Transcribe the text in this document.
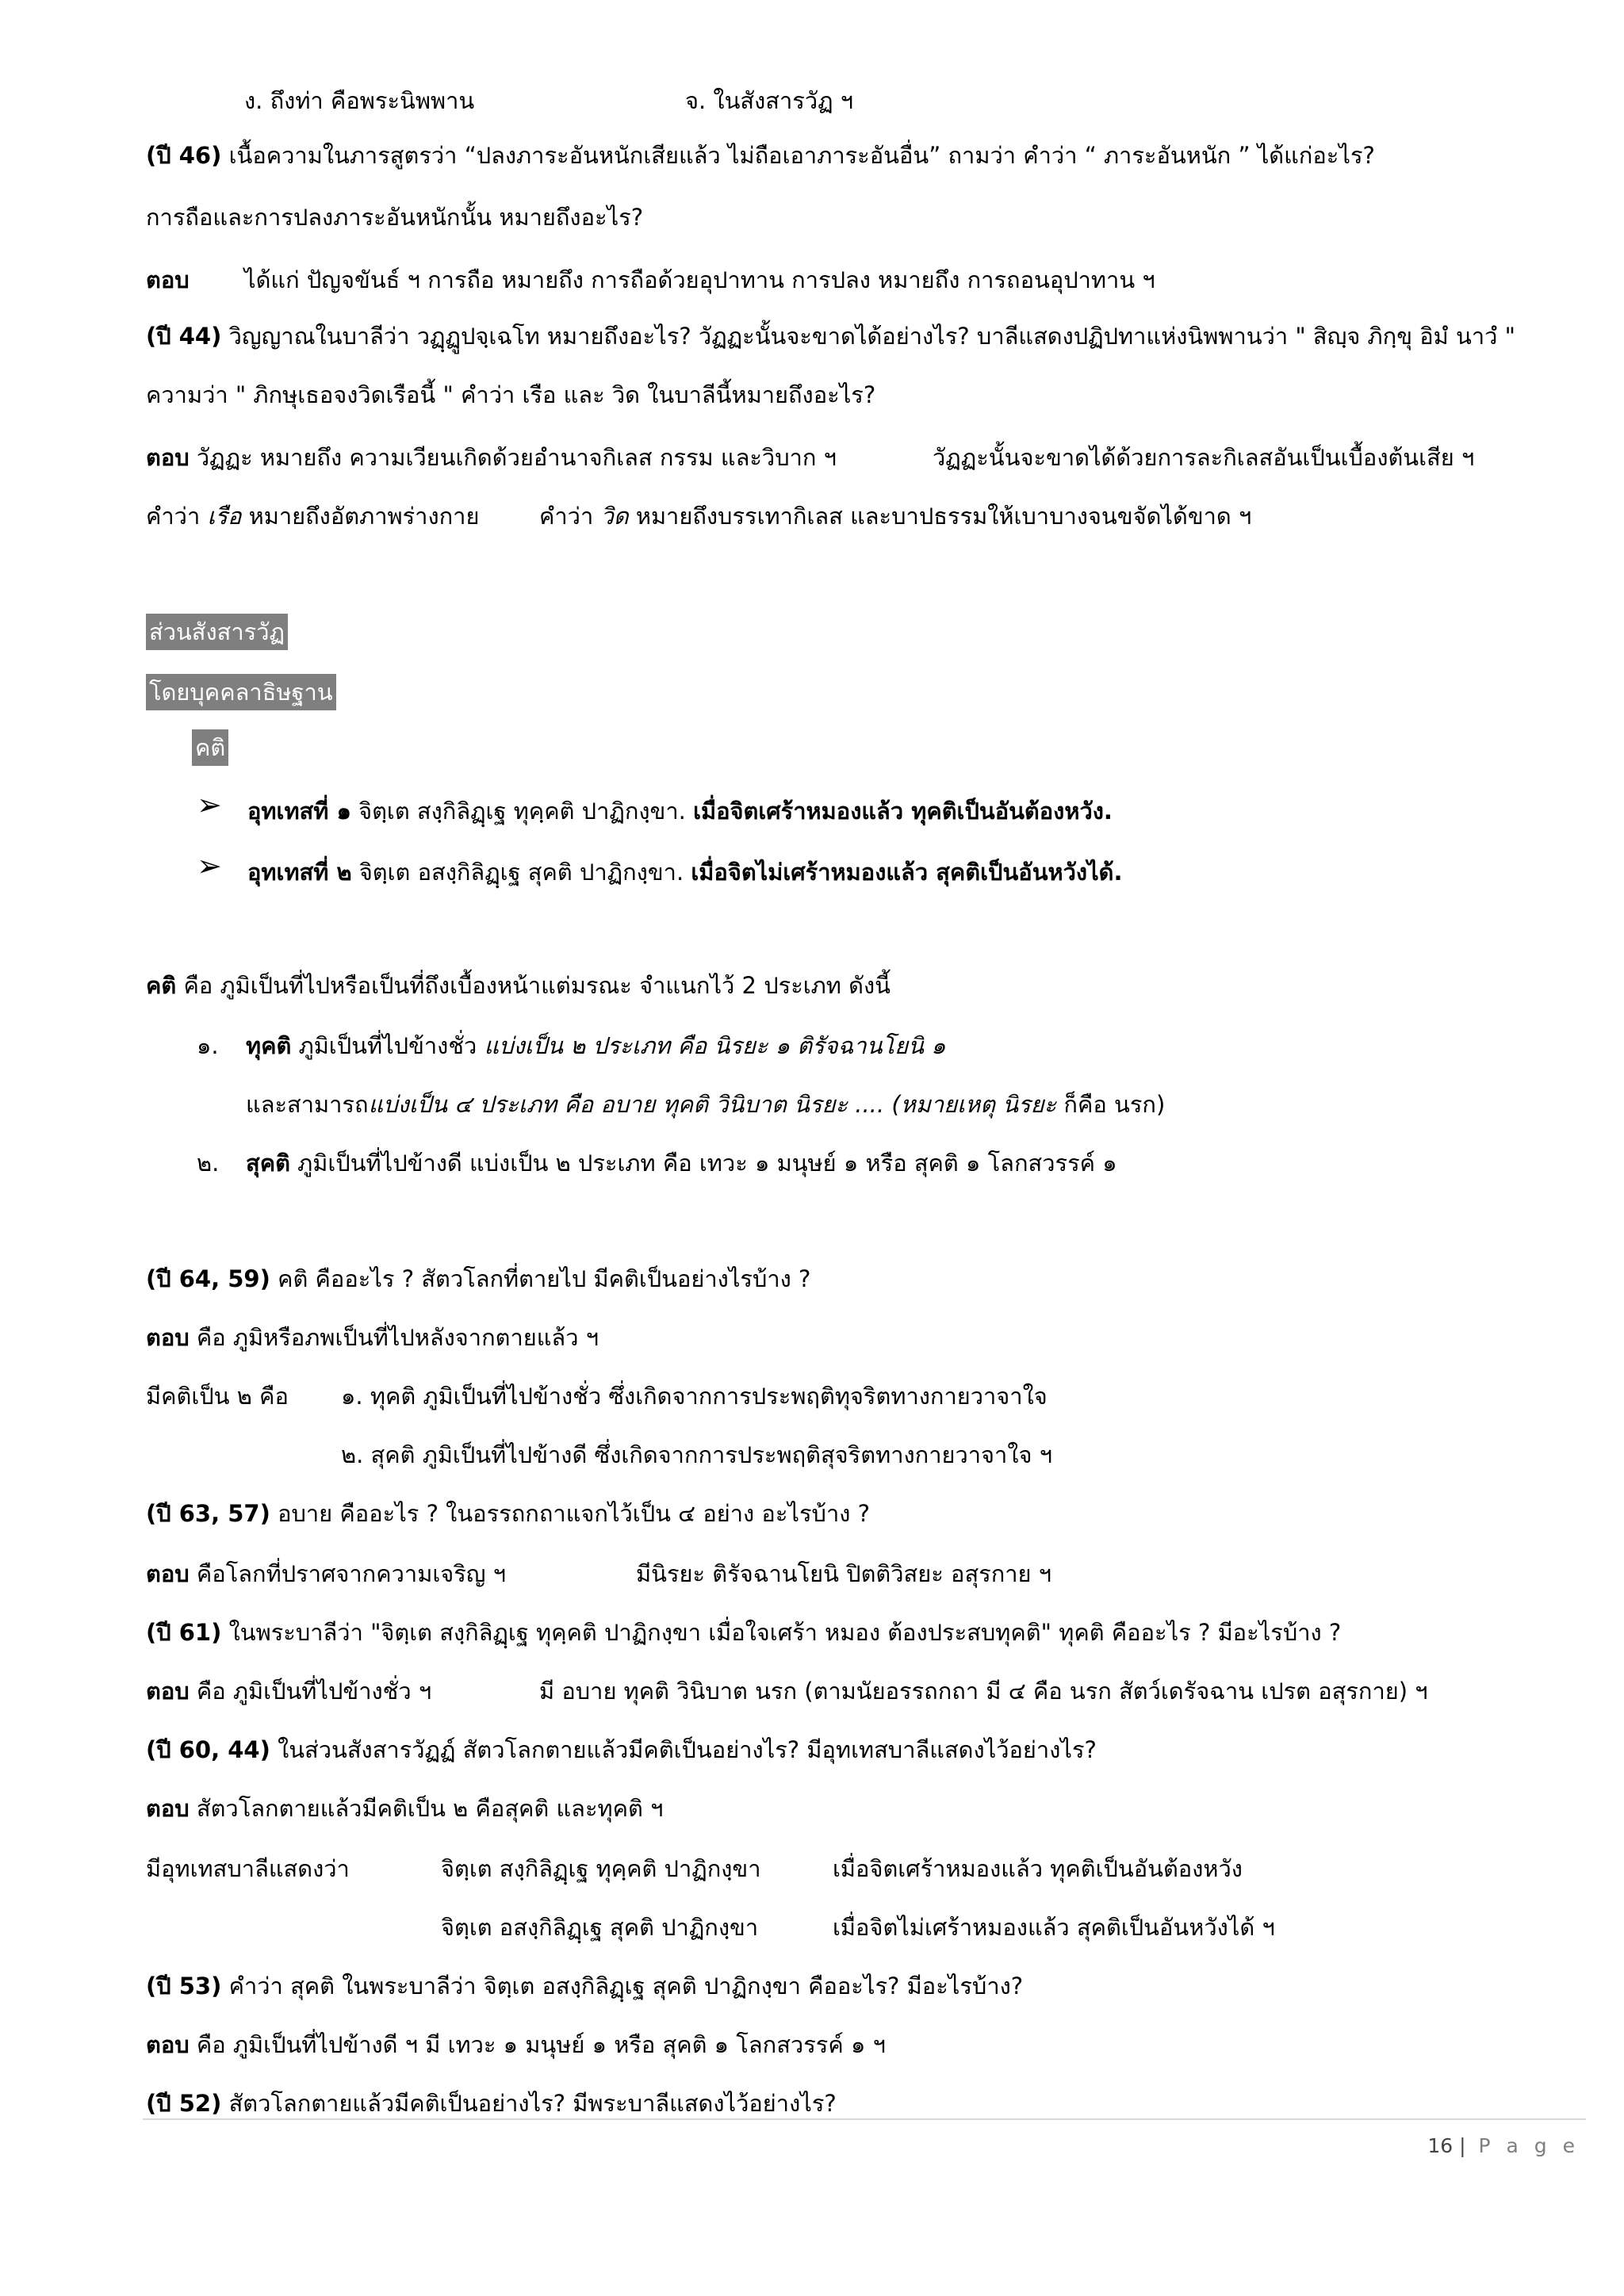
ง. ถึงท่า คือพระนิพพาน	จ. ในสังสารวัฏ ฯ
(ปี 46) เนื้อความในภารสูตรว่า “ปลงภาระอันหนักเสียแล้ว ไม่ถือเอาภาระอันอื่น” ถามว่า คำว่า “ ภาระอันหนัก ” ได้แก่อะไร?
การถือและการปลงภาระอันหนักนั้น หมายถึงอะไร?
ตอบ ได้แก่ ปัญจขันธ์ ฯ การถือ หมายถึง การถือด้วยอุปาทาน การปลง หมายถึง การถอนอุปาทาน ฯ
(ปี 44) วิญญาณในบาลีว่า วฏฺฏูปจฺเฉโท หมายถึงอะไร? วัฏฏะนั้นจะขาดได้อย่างไร? บาลีแสดงปฏิปทาแห่งนิพพานว่า " สิญฺจ ภิกฺขุ อิมํ นาวํ "
ความว่า " ภิกษุเธอจงวิดเรือนี้ " คำว่า เรือ และ วิด ในบาลีนี้หมายถึงอะไร?
ตอบ วัฏฏะ หมายถึง ความเวียนเกิดด้วยอำนาจกิเลส กรรม และวิบาก ฯ	วัฏฏะนั้นจะขาดได้ด้วยการละกิเลสอันเป็นเบื้องต้นเสีย ฯ
คำว่า เรือ หมายถึงอัตภาพร่างกาย	คำว่า วิด หมายถึงบรรเทากิเลส และบาปธรรมให้เบาบางจนขจัดได้ขาด ฯ
ส่วนสังสารวัฏ
โดยบุคคลาธิษฐาน
คติ
➢ อุทเทสที่ ๑ จิตฺเต สงฺกิลิฏฺเฐ ทุคฺคติ ปาฏิกงฺขา. เมื่อจิตเศร้าหมองแล้ว ทุคติเป็นอันต้องหวัง.
➢ อุทเทสที่ ๒ จิตฺเต อสงฺกิลิฏฺเฐ สุคติ ปาฏิกงฺขา. เมื่อจิตไม่เศร้าหมองแล้ว สุคติเป็นอันหวังได้.
คติ คือ ภูมิเป็นที่ไปหรือเป็นที่ถึงเบื้องหน้าแต่มรณะ จำแนกไว้ 2 ประเภท ดังนี้
๑. ทุคติ ภูมิเป็นที่ไปข้างชั่ว แบ่งเป็น ๒ ประเภท คือ นิรยะ ๑ ติรัจฉานโยนิ ๑
และสามารถแบ่งเป็น ๔ ประเภท คือ อบาย ทุคติ วินิบาต นิรยะ .... (หมายเหตุ นิรยะ ก็คือ นรก)
๒. สุคติ ภูมิเป็นที่ไปข้างดี แบ่งเป็น ๒ ประเภท คือ เทวะ ๑ มนุษย์ ๑ หรือ สุคติ ๑ โลกสวรรค์ ๑
(ปี 64, 59) คติ คืออะไร ? สัตวโลกที่ตายไป มีคติเป็นอย่างไรบ้าง ?
ตอบ คือ ภูมิหรือภพเป็นที่ไปหลังจากตายแล้ว ฯ
มีคติเป็น ๒ คือ ๑. ทุคติ ภูมิเป็นที่ไปข้างชั่ว ซึ่งเกิดจากการประพฤติทุจริตทางกายวาจาใจ
๒. สุคติ ภูมิเป็นที่ไปข้างดี ซึ่งเกิดจากการประพฤติสุจริตทางกายวาจาใจ ฯ
(ปี 63, 57) อบาย คืออะไร ? ในอรรถกถาแจกไว้เป็น ๔ อย่าง อะไรบ้าง ?
ตอบ คือโลกที่ปราศจากความเจริญ ฯ	มีนิรยะ ติรัจฉานโยนิ ปิตติวิสยะ อสุรกาย ฯ
(ปี 61) ในพระบาลีว่า "จิตฺเต สงฺกิลิฏฺเฐ ทุคฺคติ ปาฏิกงฺขา เมื่อใจเศร้า หมอง ต้องประสบทุคติ" ทุคติ คืออะไร ? มีอะไรบ้าง ?
ตอบ คือ ภูมิเป็นที่ไปข้างชั่ว ฯ	มี อบาย ทุคติ วินิบาต นรก (ตามนัยอรรถกถา มี ๔ คือ นรก สัตว์เดรัจฉาน เปรต อสุรกาย) ฯ
(ปี 60, 44) ในส่วนสังสารวัฏฏ์ สัตวโลกตายแล้วมีคติเป็นอย่างไร? มีอุทเทสบาลีแสดงไว้อย่างไร?
ตอบ สัตวโลกตายแล้วมีคติเป็น ๒ คือสุคติ และทุคติ ฯ
มีอุทเทสบาลีแสดงว่า	จิตฺเต สงฺกิลิฏฺเฐ ทุคฺคติ ปาฏิกงฺขา	เมื่อจิตเศร้าหมองแล้ว ทุคติเป็นอันต้องหวัง
จิตฺเต อสงฺกิลิฏฺเฐ สุคติ ปาฏิกงฺขา	เมื่อจิตไม่เศร้าหมองแล้ว สุคติเป็นอันหวังได้ ฯ
(ปี 53) คำว่า สุคติ ในพระบาลีว่า จิตฺเต อสงฺกิลิฏฺเฐ สุคติ ปาฏิกงฺขา คืออะไร? มีอะไรบ้าง?
ตอบ คือ ภูมิเป็นที่ไปข้างดี ฯ มี เทวะ ๑ มนุษย์ ๑ หรือ สุคติ ๑ โลกสวรรค์ ๑ ฯ
(ปี 52) สัตวโลกตายแล้วมีคติเป็นอย่างไร? มีพระบาลีแสดงไว้อย่างไร?
16 | P a g e
